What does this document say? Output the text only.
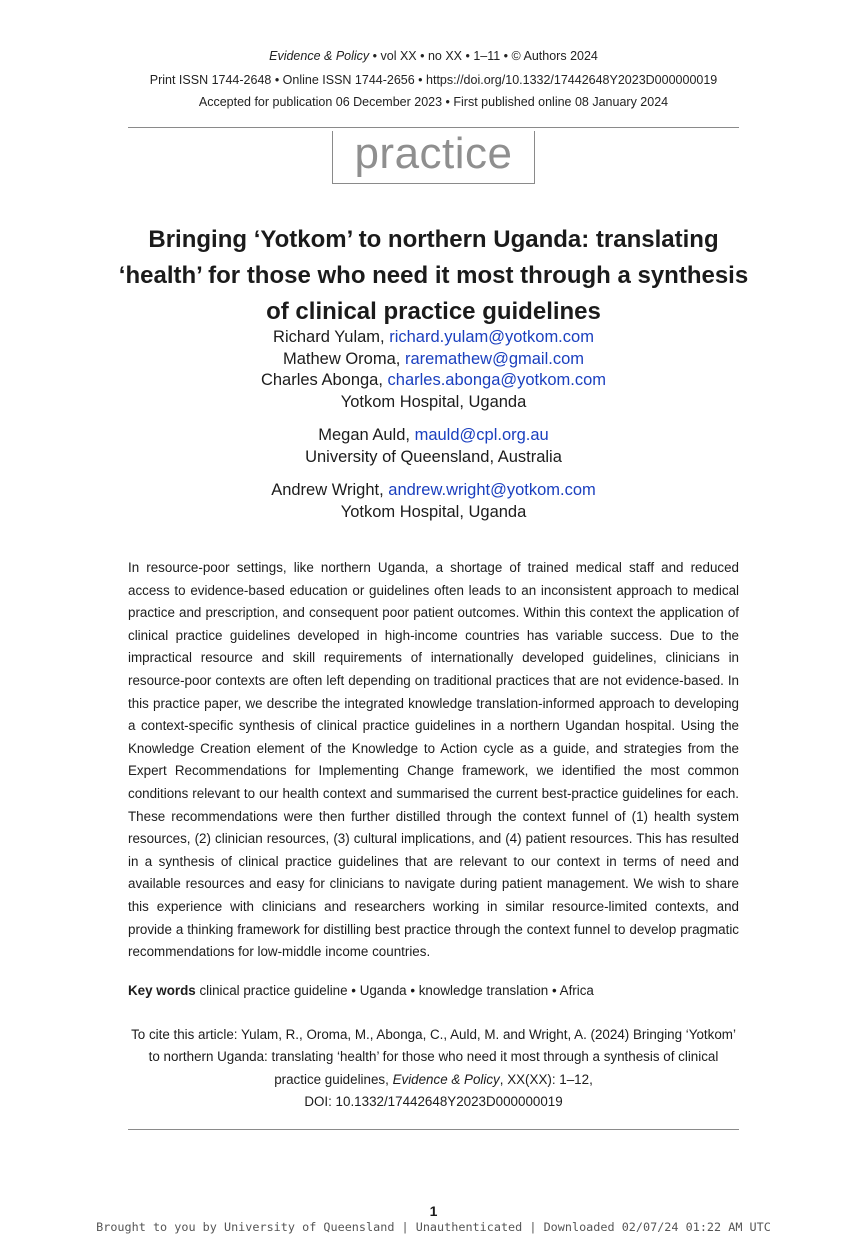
Evidence & Policy • vol XX • no XX • 1–11 • © Authors 2024
Print ISSN 1744-2648 • Online ISSN 1744-2656 • https://doi.org/10.1332/17442648Y2023D000000019
Accepted for publication 06 December 2023 • First published online 08 January 2024
practice
Bringing ‘Yotkom’ to northern Uganda: translating ‘health’ for those who need it most through a synthesis of clinical practice guidelines
Richard Yulam, richard.yulam@yotkom.com
Mathew Oroma, raremathew@gmail.com
Charles Abonga, charles.abonga@yotkom.com
Yotkom Hospital, Uganda
Megan Auld, mauld@cpl.org.au
University of Queensland, Australia
Andrew Wright, andrew.wright@yotkom.com
Yotkom Hospital, Uganda

In resource-poor settings, like northern Uganda, a shortage of trained medical staff and reduced access to evidence-based education or guidelines often leads to an inconsistent approach to medical practice and prescription, and consequent poor patient outcomes. Within this context the application of clinical practice guidelines developed in high-income countries has variable success. Due to the impractical resource and skill requirements of internationally developed guidelines, clinicians in resource-poor contexts are often left depending on traditional practices that are not evidence-based. In this practice paper, we describe the integrated knowledge translation-informed approach to developing a context-specific synthesis of clinical practice guidelines in a northern Ugandan hospital. Using the Knowledge Creation element of the Knowledge to Action cycle as a guide, and strategies from the Expert Recommendations for Implementing Change framework, we identified the most common conditions relevant to our health context and summarised the current best-practice guidelines for each. These recommendations were then further distilled through the context funnel of (1) health system resources, (2) clinician resources, (3) cultural implications, and (4) patient resources. This has resulted in a synthesis of clinical practice guidelines that are relevant to our context in terms of need and available resources and easy for clinicians to navigate during patient management. We wish to share this experience with clinicians and researchers working in similar resource-limited contexts, and provide a thinking framework for distilling best practice through the context funnel to develop pragmatic recommendations for low-middle income countries.

Key words clinical practice guideline • Uganda • knowledge translation • Africa

To cite this article: Yulam, R., Oroma, M., Abonga, C., Auld, M. and Wright, A. (2024) Bringing ‘Yotkom’ to northern Uganda: translating ‘health’ for those who need it most through a synthesis of clinical practice guidelines, Evidence & Policy, XX(XX): 1–12,
DOI: 10.1332/17442648Y2023D000000019

1
Brought to you by University of Queensland | Unauthenticated | Downloaded 02/07/24 01:22 AM UTC
